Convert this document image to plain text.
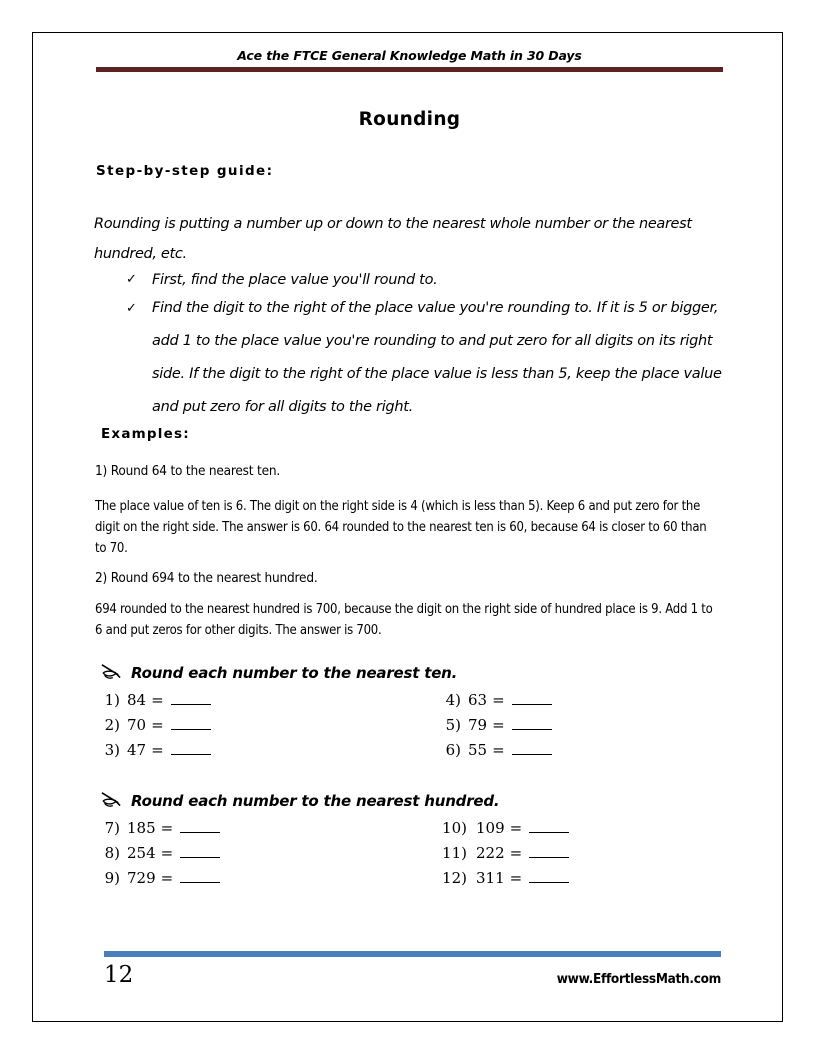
Ace the FTCE General Knowledge Math in 30 Days
Rounding
Step-by-step guide:
Rounding is putting a number up or down to the nearest whole number or the nearest hundred, etc.
✓	First, find the place value you'll round to.
✓	Find the digit to the right of the place value you're rounding to. If it is 5 or bigger, add 1 to the place value you're rounding to and put zero for all digits on its right side. If the digit to the right of the place value is less than 5, keep the place value and put zero for all digits to the right.
Examples:
1) Round 64 to the nearest ten.
The place value of ten is 6. The digit on the right side is 4 (which is less than 5). Keep 6 and put zero for the digit on the right side. The answer is 60. 64 rounded to the nearest ten is 60, because 64 is closer to 60 than to 70.
2) Round 694 to the nearest hundred.
694 rounded to the nearest hundred is 700, because the digit on the right side of hundred place is 9. Add 1 to 6 and put zeros for other digits. The answer is 700.
Round each number to the nearest ten.
1) 84 =
2) 70 =
3) 47 =
4) 63 =
5) 79 =
6) 55 =
Round each number to the nearest hundred.
7) 185 =
8) 254 =
9) 729 =
10) 109 =
11) 222 =
12) 311 =
12	www.EffortlessMath.com
